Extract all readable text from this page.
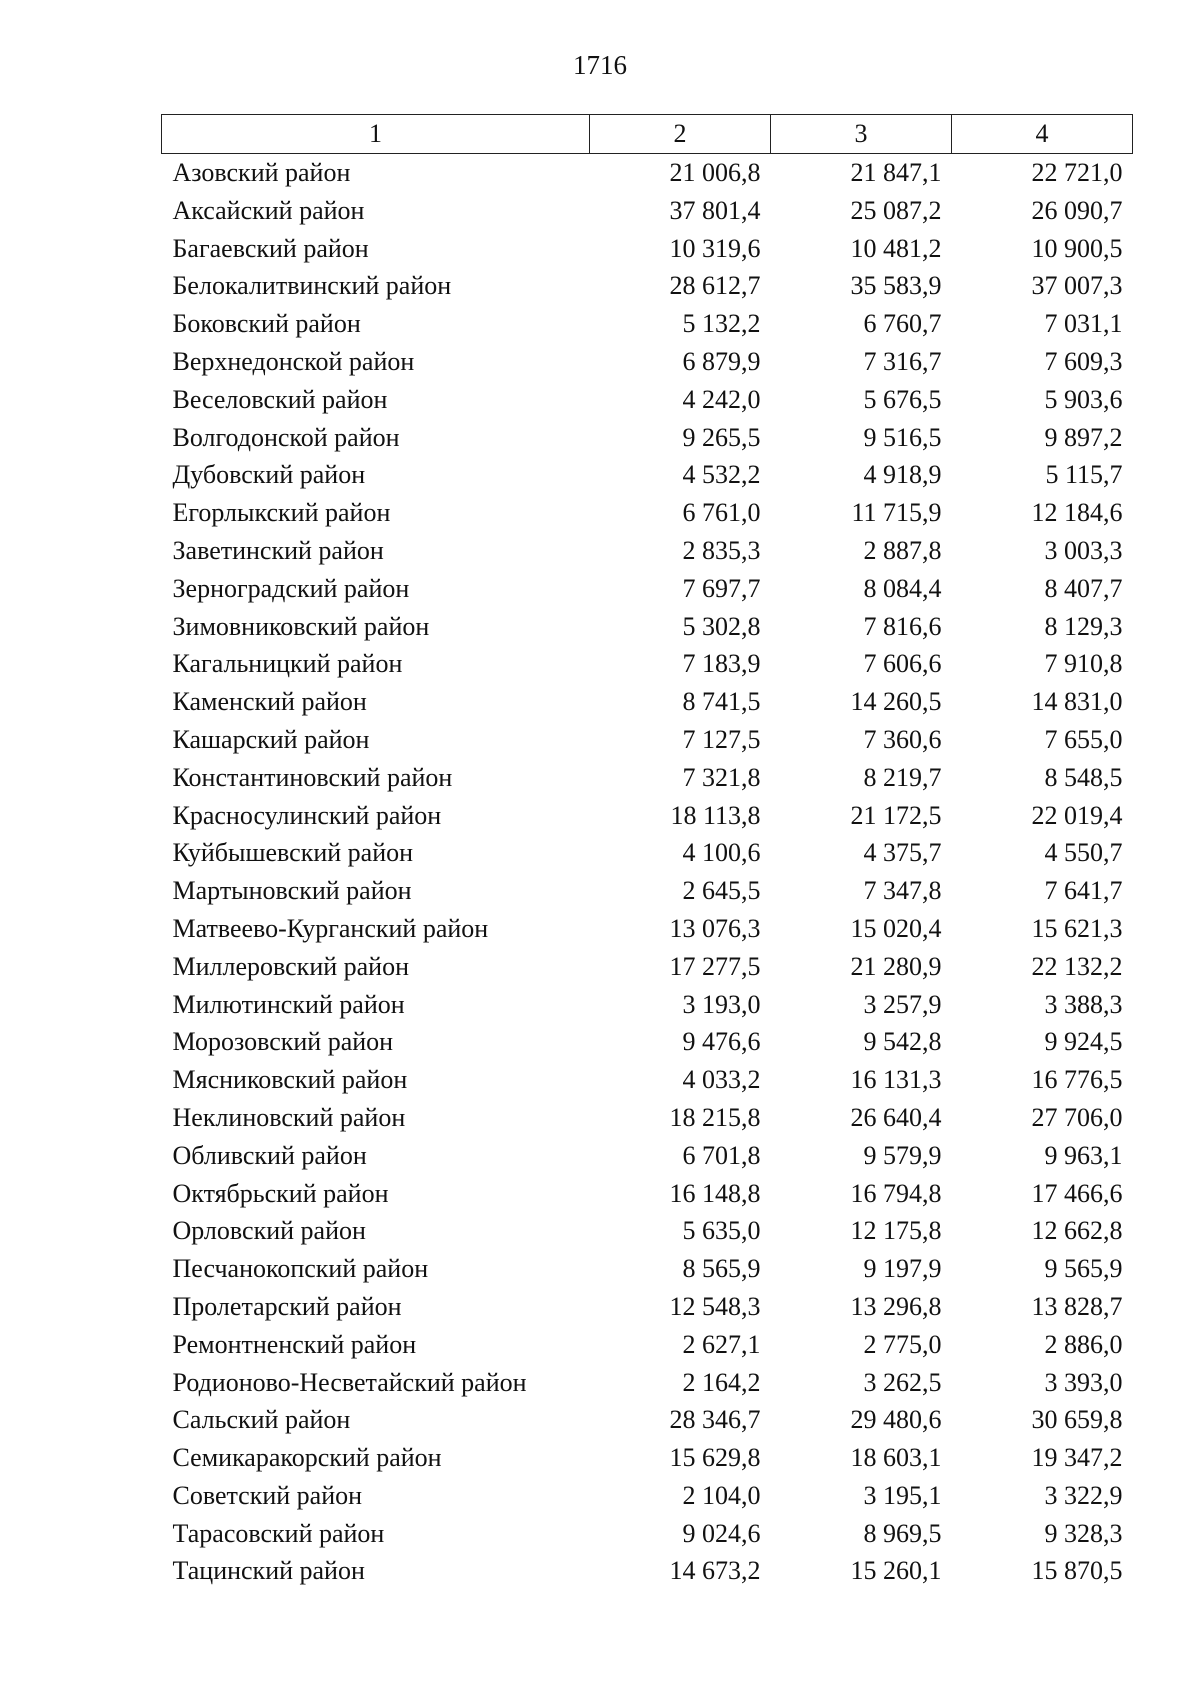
1716
1	2	3	4
Азовский район	21 006,8	21 847,1	22 721,0
Аксайский район	37 801,4	25 087,2	26 090,7
Багаевский район	10 319,6	10 481,2	10 900,5
Белокалитвинский район	28 612,7	35 583,9	37 007,3
Боковский район	5 132,2	6 760,7	7 031,1
Верхнедонской район	6 879,9	7 316,7	7 609,3
Веселовский район	4 242,0	5 676,5	5 903,6
Волгодонской район	9 265,5	9 516,5	9 897,2
Дубовский район	4 532,2	4 918,9	5 115,7
Егорлыкский район	6 761,0	11 715,9	12 184,6
Заветинский район	2 835,3	2 887,8	3 003,3
Зерноградский район	7 697,7	8 084,4	8 407,7
Зимовниковский район	5 302,8	7 816,6	8 129,3
Кагальницкий район	7 183,9	7 606,6	7 910,8
Каменский район	8 741,5	14 260,5	14 831,0
Кашарский район	7 127,5	7 360,6	7 655,0
Константиновский район	7 321,8	8 219,7	8 548,5
Красносулинский район	18 113,8	21 172,5	22 019,4
Куйбышевский район	4 100,6	4 375,7	4 550,7
Мартыновский район	2 645,5	7 347,8	7 641,7
Матвеево-Курганский район	13 076,3	15 020,4	15 621,3
Миллеровский район	17 277,5	21 280,9	22 132,2
Милютинский район	3 193,0	3 257,9	3 388,3
Морозовский район	9 476,6	9 542,8	9 924,5
Мясниковский район	4 033,2	16 131,3	16 776,5
Неклиновский район	18 215,8	26 640,4	27 706,0
Обливский район	6 701,8	9 579,9	9 963,1
Октябрьский район	16 148,8	16 794,8	17 466,6
Орловский район	5 635,0	12 175,8	12 662,8
Песчанокопский район	8 565,9	9 197,9	9 565,9
Пролетарский район	12 548,3	13 296,8	13 828,7
Ремонтненский район	2 627,1	2 775,0	2 886,0
Родионово-Несветайский район	2 164,2	3 262,5	3 393,0
Сальский район	28 346,7	29 480,6	30 659,8
Семикаракорский район	15 629,8	18 603,1	19 347,2
Советский район	2 104,0	3 195,1	3 322,9
Тарасовский район	9 024,6	8 969,5	9 328,3
Тацинский район	14 673,2	15 260,1	15 870,5
